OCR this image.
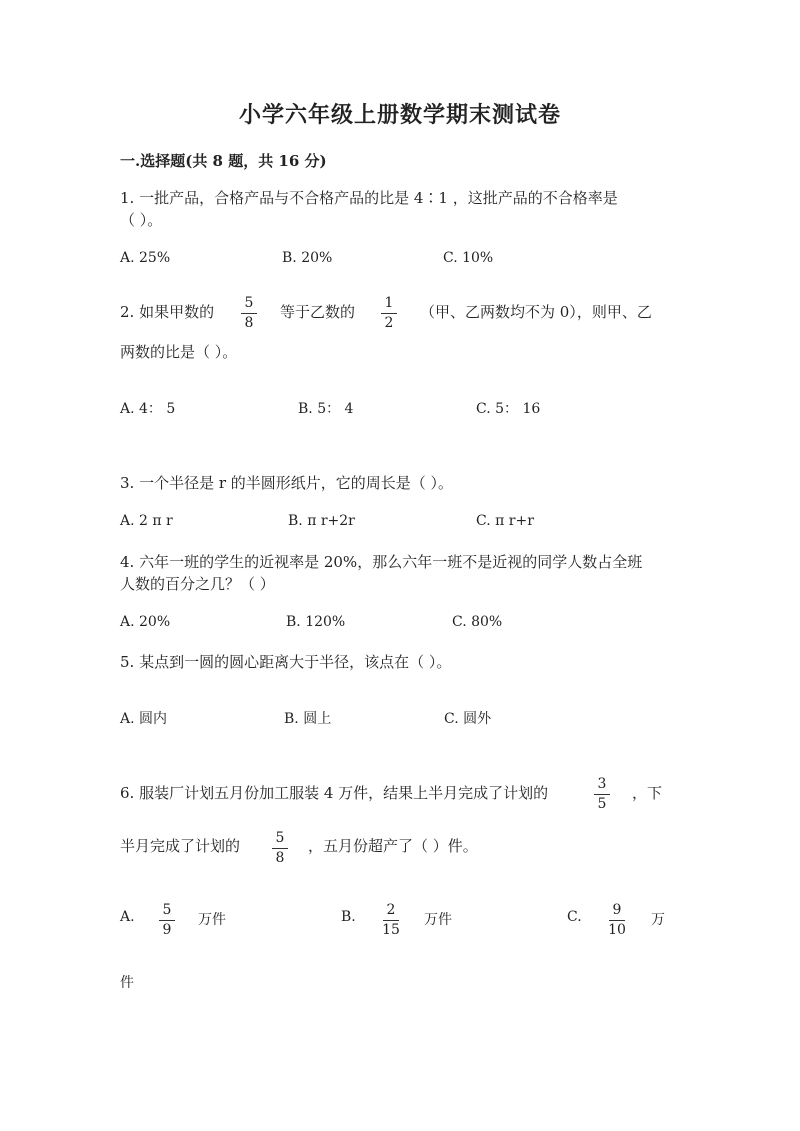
小学六年级上册数学期末测试卷
一.选择题(共 8 题，共 16 分)
1. 一批产品，合格产品与不合格产品的比是 4∶1 ，这批产品的不合格率是
（ ）。
A. 25%	B. 20%	C. 10%
2. 如果甲数的 5
8
等于乙数的 1
2
（甲、乙两数均不为 0），则甲、乙
两数的比是（ ）。
A. 4： 5	B. 5： 4	C. 5： 16
3. 一个半径是 r 的半圆形纸片，它的周长是（ ）。
A. 2 π r	B. π r+2r	C. π r+r
4. 六年一班的学生的近视率是 20%，那么六年一班不是近视的同学人数占全班
人数的百分之几？（ ）
A. 20%	B. 120%	C. 80%
5. 某点到一圆的圆心距离大于半径，该点在（ ）。
A. 圆内	B. 圆上	C. 圆外
6. 服装厂计划五月份加工服装 4 万件，结果上半月完成了计划的	3
5
，下
半月完成了计划的	5
8
，五月份超产了（ ）件。
A. 5
9
万件	B. 2
15
万件	C. 9
10
万
件
